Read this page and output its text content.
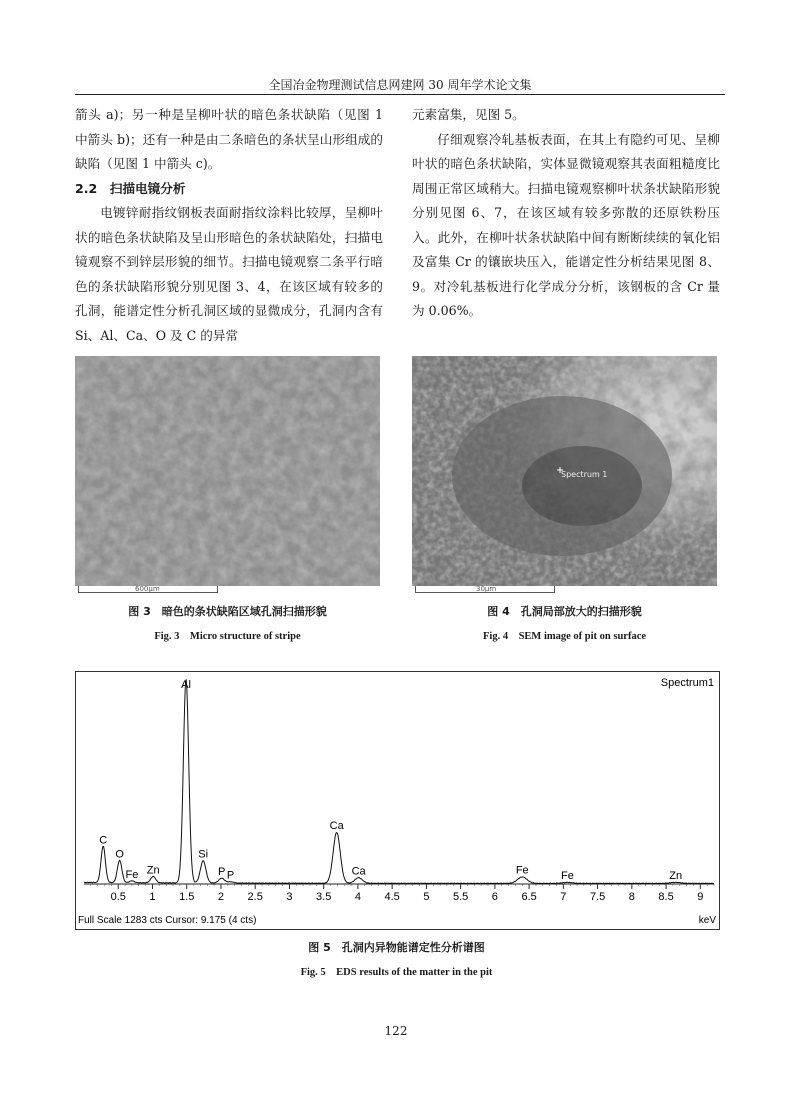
全国冶金物理测试信息网建网 30 周年学术论文集

箭头 a)；另一种是呈柳叶状的暗色条状缺陷（见图 1 中箭头 b)；还有一种是由二条暗色的条状呈山形组成的缺陷（见图 1 中箭头 c)。

2.2　扫描电镜分析

电镀锌耐指纹钢板表面耐指纹涂料比较厚，呈柳叶状的暗色条状缺陷及呈山形暗色的条状缺陷处，扫描电镜观察不到锌层形貌的细节。扫描电镜观察二条平行暗色的条状缺陷形貌分别见图 3、4，在该区域有较多的孔洞，能谱定性分析孔洞区域的显微成分，孔洞内含有 Si、Al、Ca、O 及 C 的异常

元素富集，见图 5。

仔细观察冷轧基板表面，在其上有隐约可见、呈柳叶状的暗色条状缺陷，实体显微镜观察其表面粗糙度比周围正常区域稍大。扫描电镜观察柳叶状条状缺陷形貌分别见图 6、7，在该区域有较多弥散的还原铁粉压入。此外，在柳叶状条状缺陷中间有断断续续的氧化铝及富集 Cr 的镶嵌块压入，能谱定性分析结果见图 8、9。对冷轧基板进行化学成分分析，该钢板的含 Cr 量为 0.06%。

600μm
图 3　暗色的条状缺陷区域孔洞扫描形貌
Fig. 3　Micro structure of stripe
Spectrum 1
30μm
图 4　孔洞局部放大的扫描形貌
Fig. 4　SEM image of pit on surface
Spectrum1
Full Scale 1283 cts Cursor: 9.175 (4 cts)	keV
0.5 1 1.5 2 2.5 3 3.5 4 4.5 5 5.5 6 6.5 7 7.5 8 8.5 9
C
O
Fe Zn
Al
Si
P P
Ca
Ca	Fe	Fe	Zn
图 5　孔洞内异物能谱定性分析谱图
Fig. 5　EDS results of the matter in the pit
122
